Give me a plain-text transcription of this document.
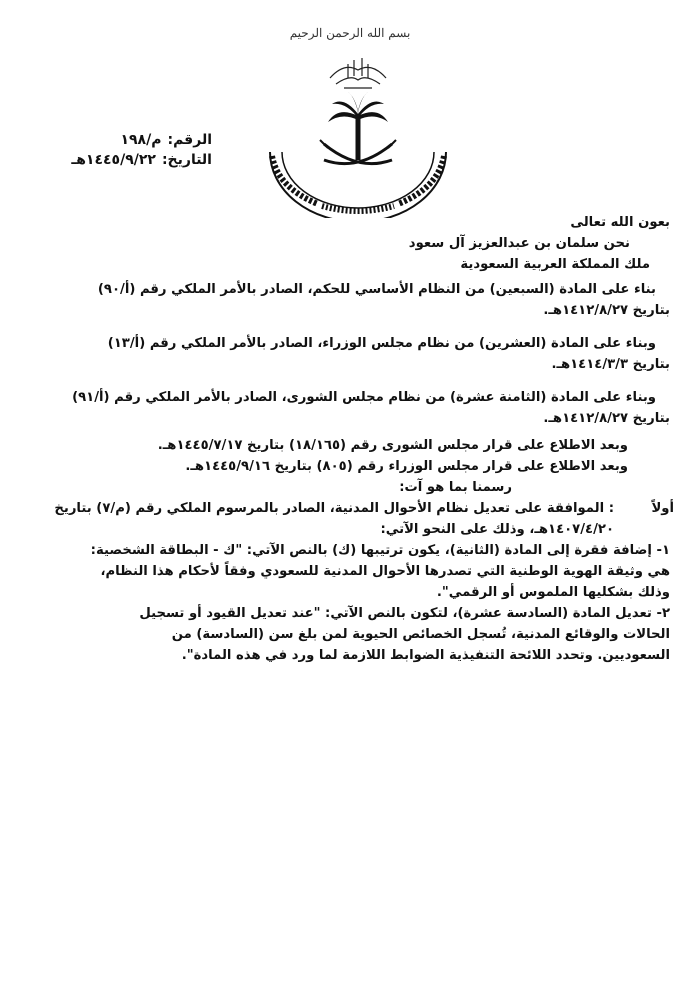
بسم الله الرحمن الرحيم
الرقم:م/١٩٨
التاريخ:١٤٤٥/٩/٢٢هـ
بعون الله تعالى
نحن سلمان بن عبدالعزيز آل سعود
ملك المملكة العربية السعودية
بناء على المادة (السبعين) من النظام الأساسي للحكم، الصادر بالأمر الملكي رقم (أ/٩٠)
بتاريخ ١٤١٢/٨/٢٧هـ.
وبناء على المادة (العشرين) من نظام مجلس الوزراء، الصادر بالأمر الملكي رقم (أ/١٣)
بتاريخ ١٤١٤/٣/٣هـ.
وبناء على المادة (الثامنة عشرة) من نظام مجلس الشورى، الصادر بالأمر الملكي رقم (أ/٩١)
بتاريخ ١٤١٢/٨/٢٧هـ.
وبعد الاطلاع على قرار مجلس الشورى رقم (١٨/١٦٥) بتاريخ ١٤٤٥/٧/١٧هـ.
وبعد الاطلاع على قرار مجلس الوزراء رقم (٨٠٥) بتاريخ ١٤٤٥/٩/١٦هـ.
رسمنا بما هو آت:
أولاً
: الموافقة على تعديل نظام الأحوال المدنية، الصادر بالمرسوم الملكي رقم (م/٧) بتاريخ
١٤٠٧/٤/٢٠هـ، وذلك على النحو الآتي:
١- إضافة فقرة إلى المادة (الثانية)، يكون ترتيبها (ك) بالنص الآتي: "ك - البطاقة الشخصية:
هي وثيقة الهوية الوطنية التي تصدرها الأحوال المدنية للسعودي وفقاً لأحكام هذا النظام،
وذلك بشكليها الملموس أو الرقمي".
٢- تعديل المادة (السادسة عشرة)، لتكون بالنص الآتي: "عند تعديل القيود أو تسجيل
الحالات والوقائع المدنية، تُسجل الخصائص الحيوية لمن بلغ سن (السادسة) من
السعوديين. وتحدد اللائحة التنفيذية الضوابط اللازمة لما ورد في هذه المادة".
